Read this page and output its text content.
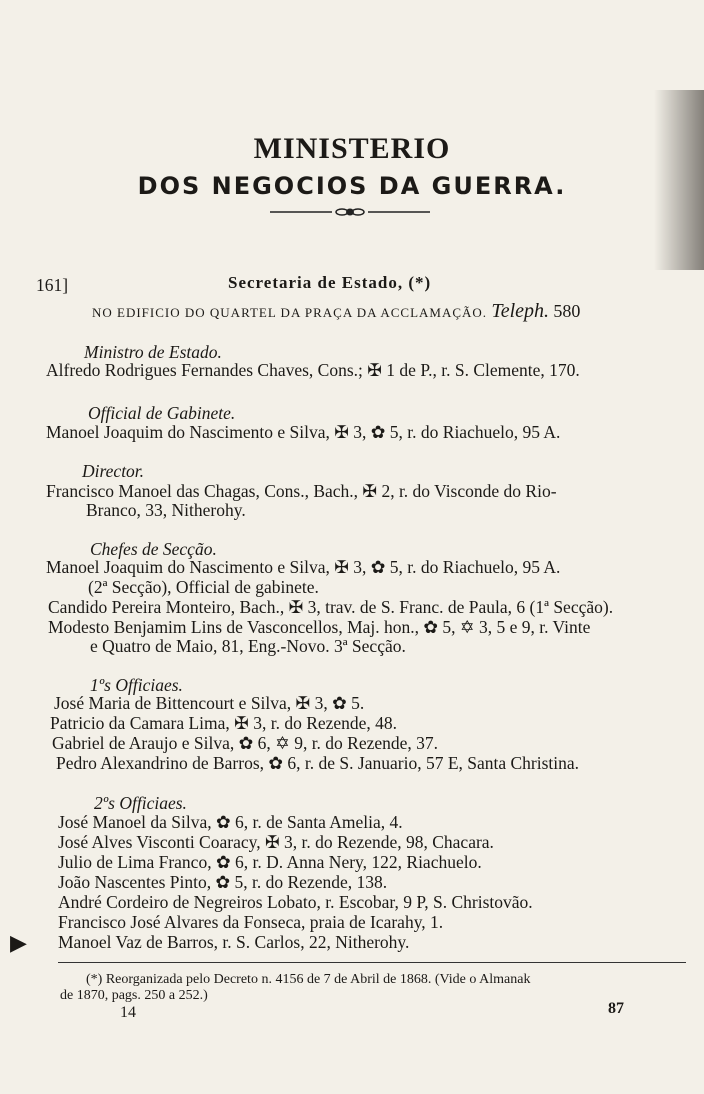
▶
MINISTERIO
DOS NEGOCIOS DA GUERRA.
161]	Secretaria de Estado, (*)
NO EDIFICIO DO QUARTEL DA PRAÇA DA ACCLAMAÇÃO. Teleph. 580
Ministro de Estado.
Alfredo Rodrigues Fernandes Chaves, Cons.; ✠ 1 de P., r. S. Clemente, 170.
Official de Gabinete.
Manoel Joaquim do Nascimento e Silva, ✠ 3, ✿ 5, r. do Riachuelo, 95 A.
Director.
Francisco Manoel das Chagas, Cons., Bach., ✠ 2, r. do Visconde do Rio-
Branco, 33, Nitherohy.
Chefes de Secção.
Manoel Joaquim do Nascimento e Silva, ✠ 3, ✿ 5, r. do Riachuelo, 95 A.
(2ª Secção), Official de gabinete.
Candido Pereira Monteiro, Bach., ✠ 3, trav. de S. Franc. de Paula, 6 (1ª Secção).
Modesto Benjamim Lins de Vasconcellos, Maj. hon., ✿ 5, ✡ 3, 5 e 9, r. Vinte
e Quatro de Maio, 81, Eng.-Novo. 3ª Secção.
1ºs Officiaes.
José Maria de Bittencourt e Silva, ✠ 3, ✿ 5.
Patricio da Camara Lima, ✠ 3, r. do Rezende, 48.
Gabriel de Araujo e Silva, ✿ 6, ✡ 9, r. do Rezende, 37.
Pedro Alexandrino de Barros, ✿ 6, r. de S. Januario, 57 E, Santa Christina.
2ºs Officiaes.
José Manoel da Silva, ✿ 6, r. de Santa Amelia, 4.
José Alves Visconti Coaracy, ✠ 3, r. do Rezende, 98, Chacara.
Julio de Lima Franco, ✿ 6, r. D. Anna Nery, 122, Riachuelo.
João Nascentes Pinto, ✿ 5, r. do Rezende, 138.
André Cordeiro de Negreiros Lobato, r. Escobar, 9 P, S. Christovão.
Francisco José Alvares da Fonseca, praia de Icarahy, 1.
Manoel Vaz de Barros, r. S. Carlos, 22, Nitherohy.
(*) Reorganizada pelo Decreto n. 4156 de 7 de Abril de 1868. (Vide o Almanak
de 1870, pags. 250 a 252.)
14	87
